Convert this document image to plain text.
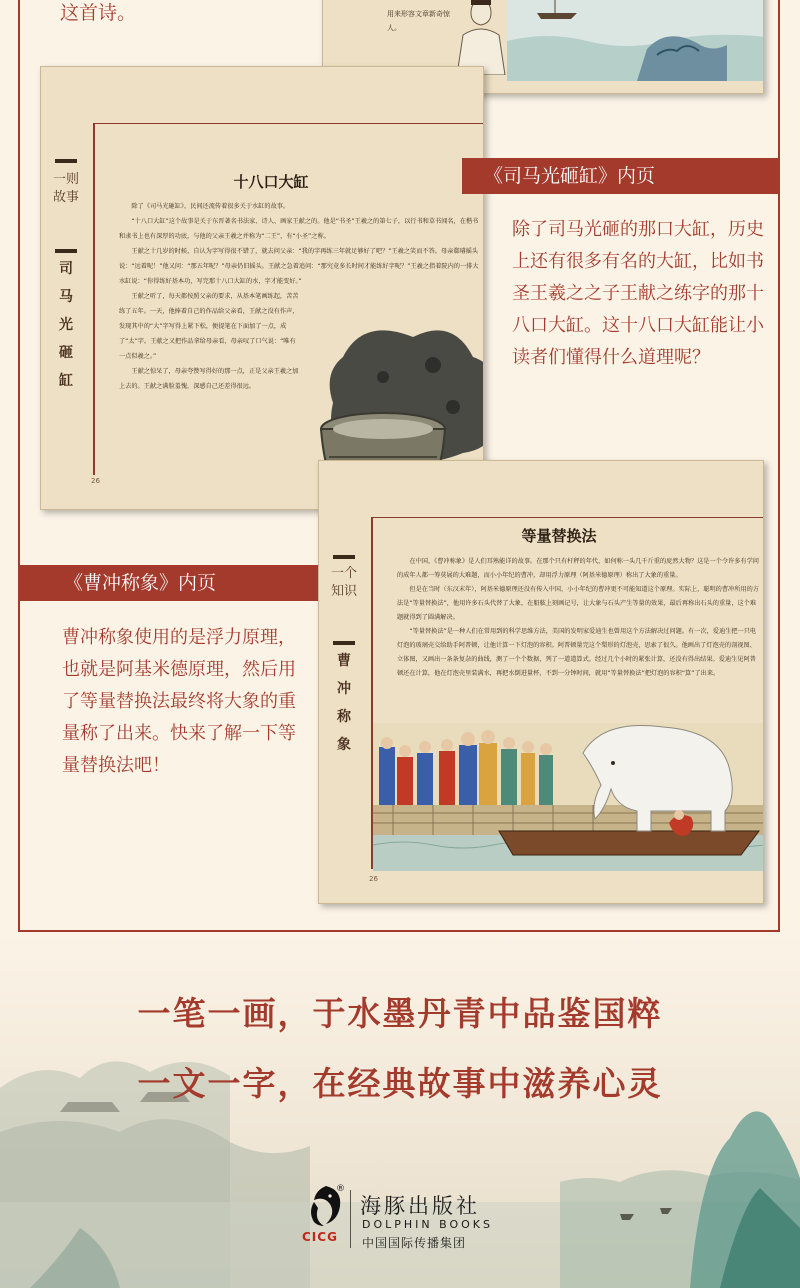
这首诗。	用来形容文章新奇惊人。
一则故事
司马光砸缸
十八口大缸
除了《司马光砸缸》，民间还流传着很多关于水缸的故事。
“十八口大缸”这个故事是关于东晋著名书法家、诗人、画家王献之的。他是“书圣”王羲之的第七子，以行书和草书闻名，在楷书和隶书上也有深厚的功底，与他的父亲王羲之并称为“二王”，有“小圣”之称。
王献之十几岁的时候，自认为字写得很不错了，就去问父亲：“我的字再练三年就足够好了吧？”王羲之笑而不答。母亲郗璿摇头说：“远着呢！”他又问：“那五年呢？”母亲仍旧摇头。王献之急着追问：“那究竟多长时间才能练好字呢？”王羲之指着院内的一排大水缸说：“你得练好基本功，写完那十八口大缸的水，字才能变好。”
王献之听了，每天都按照父亲的要求，从基本笔画练起，苦苦练了五年。一天，他捧着自己的作品给父亲看，王献之没有作声，发现其中的“大”字写得上紧下松，便提笔在下面加了一点，成了“太”字。王献之又把作品拿给母亲看，母亲叹了口气说：“唯有一点似羲之。”
王献之惊呆了，母亲夸赞写得好的那一点，正是父亲王羲之加上去的。王献之满脸羞愧，深感自己还差得很远。
26
《司马光砸缸》内页
除了司马光砸的那口大缸，历史上还有很多有名的大缸，比如书圣王羲之之子王献之练字的那十八口大缸。这十八口大缸能让小读者们懂得什么道理呢？
一个知识
曹冲称象
等量替换法
在中国，《曹冲称象》是人们耳熟能详的故事。在那个只有杆秤的年代，如何称一头几千斤重的庞然大物？这是一个令许多有学问的成年人都一筹莫展的大难题，而小小年纪的曹冲，却用浮力原理（阿基米德原理）称出了大象的重量。
但是在当时（东汉末年），阿基米德原理还没有传入中国，小小年纪的曹冲更不可能知道这个原理。实际上，聪明的曹冲所用的方法是“等量替换法”，他用许多石头代替了大象，在船舷上刻画记号，让大象与石头产生等量的效果，最后再称出石头的重量，这个难题就得到了圆满解决。
“等量替换法”是一种人们在常用到的科学思维方法，美国的发明家爱迪生也曾用这个方法解决过问题。有一次，爱迪生把一只电灯泡的玻璃壳交给助手阿普顿，让他计算一下灯泡的容积。阿普顿量完这个梨形的灯泡壳，思索了很久。他画出了灯泡壳的剖视图、立体图，又画出一条条复杂的曲线，测了一个个数据，列了一道道算式。经过几个小时的紧张计算，还没有得出结果。爱迪生见阿普顿还在计算，他在灯泡壳里装满水，再把水倒进量杯，不到一分钟时间，就用“等量替换法”把灯泡的容积“算”了出来。
26
《曹冲称象》内页
曹冲称象使用的是浮力原理，也就是阿基米德原理，然后用了等量替换法最终将大象的重量称了出来。快来了解一下等量替换法吧！
一笔一画，于水墨丹青中品鉴国粹
一文一字，在经典故事中滋养心灵
®
CICG
海豚出版社
DOLPHIN BOOKS
中国国际传播集团
